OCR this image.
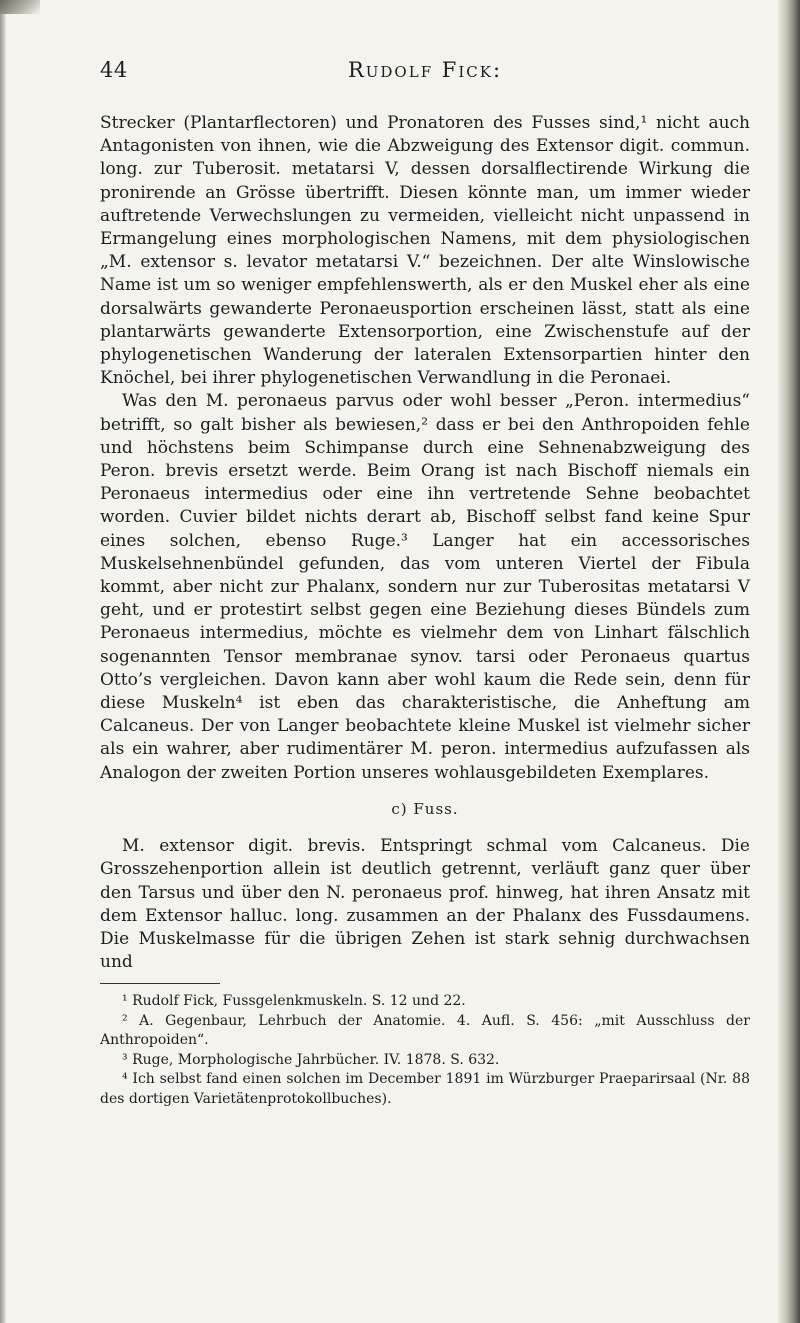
44	Rudolf Fick:

Strecker (Plantarflectoren) und Pronatoren des Fusses sind,¹ nicht auch Antagonisten von ihnen, wie die Abzweigung des Extensor digit. commun. long. zur Tuberosit. metatarsi V, dessen dorsalflectirende Wirkung die pronirende an Grösse übertrifft. Diesen könnte man, um immer wieder auftretende Verwechslungen zu vermeiden, vielleicht nicht unpassend in Ermangelung eines morphologischen Namens, mit dem physiologischen „M. extensor s. levator metatarsi V.“ bezeichnen. Der alte Winslowische Name ist um so weniger empfehlenswerth, als er den Muskel eher als eine dorsalwärts gewanderte Peronaeusportion erscheinen lässt, statt als eine plantarwärts gewanderte Extensorportion, eine Zwischenstufe auf der phylogenetischen Wanderung der lateralen Extensorpartien hinter den Knöchel, bei ihrer phylogenetischen Verwandlung in die Peronaei.

Was den M. peronaeus parvus oder wohl besser „Peron. intermedius“ betrifft, so galt bisher als bewiesen,² dass er bei den Anthropoiden fehle und höchstens beim Schimpanse durch eine Sehnenabzweigung des Peron. brevis ersetzt werde. Beim Orang ist nach Bischoff niemals ein Peronaeus intermedius oder eine ihn vertretende Sehne beobachtet worden. Cuvier bildet nichts derart ab, Bischoff selbst fand keine Spur eines solchen, ebenso Ruge.³ Langer hat ein accessorisches Muskelsehnenbündel gefunden, das vom unteren Viertel der Fibula kommt, aber nicht zur Phalanx, sondern nur zur Tuberositas metatarsi V geht, und er protestirt selbst gegen eine Beziehung dieses Bündels zum Peronaeus intermedius, möchte es vielmehr dem von Linhart fälschlich sogenannten Tensor membranae synov. tarsi oder Peronaeus quartus Otto’s vergleichen. Davon kann aber wohl kaum die Rede sein, denn für diese Muskeln⁴ ist eben das charakteristische, die Anheftung am Calcaneus. Der von Langer beobachtete kleine Muskel ist vielmehr sicher als ein wahrer, aber rudimentärer M. peron. intermedius aufzufassen als Analogon der zweiten Portion unseres wohlausgebildeten Exemplares.

c) Fuss.

M. extensor digit. brevis. Entspringt schmal vom Calcaneus. Die Grosszehenportion allein ist deutlich getrennt, verläuft ganz quer über den Tarsus und über den N. peronaeus prof. hinweg, hat ihren Ansatz mit dem Extensor halluc. long. zusammen an der Phalanx des Fussdaumens. Die Muskelmasse für die übrigen Zehen ist stark sehnig durchwachsen und

¹ Rudolf Fick, Fussgelenkmuskeln. S. 12 und 22.

² A. Gegenbaur, Lehrbuch der Anatomie. 4. Aufl. S. 456: „mit Ausschluss der Anthropoiden“.

³ Ruge, Morphologische Jahrbücher. IV. 1878. S. 632.

⁴ Ich selbst fand einen solchen im December 1891 im Würzburger Praeparirsaal (Nr. 88 des dortigen Varietätenprotokollbuches).
